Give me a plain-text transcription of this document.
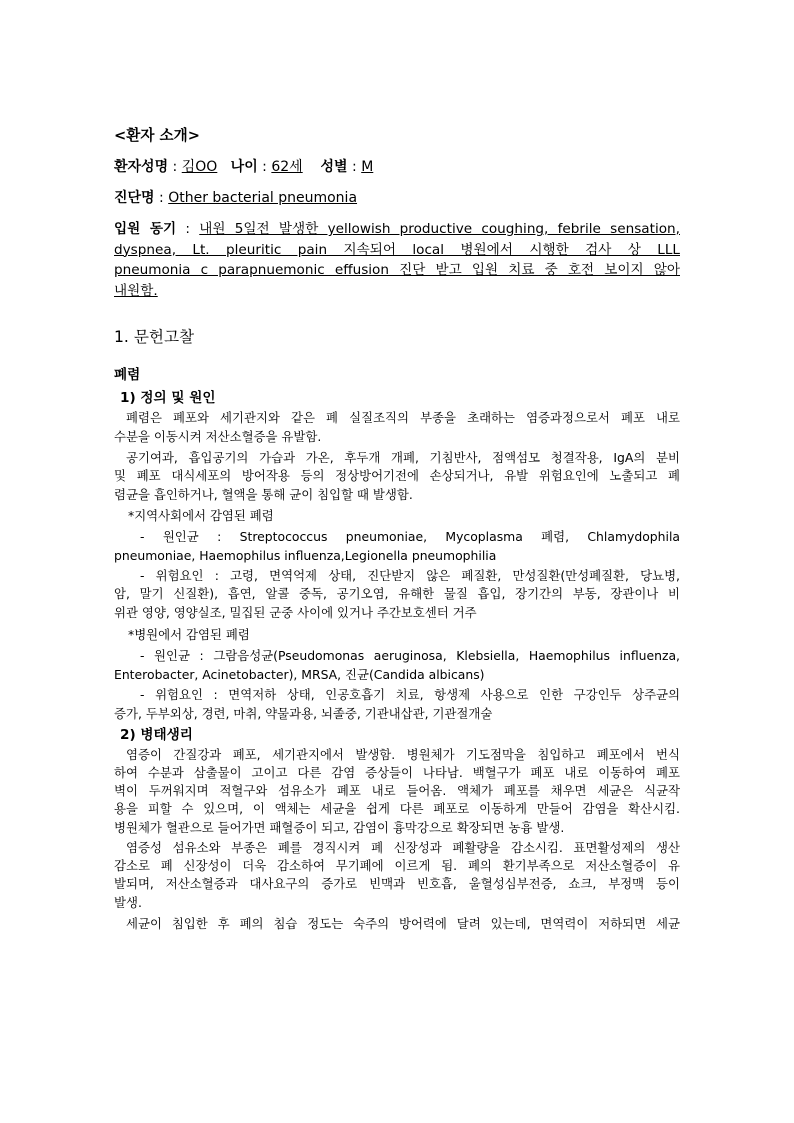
<환자 소개>
환자성명 : 김OO 나이 : 62세 성별 : M
진단명 : Other bacterial pneumonia
입원 동기 : 내원 5일전 발생한 yellowish productive coughing, febrile sensation,
dyspnea, Lt. pleuritic pain 지속되어 local 병원에서 시행한 검사 상 LLL
pneumonia c parapnuemonic effusion 진단 받고 입원 치료 중 호전 보이지 않아
내원함.
1. 문헌고찰
폐렴
1) 정의 및 원인
폐렴은 폐포와 세기관지와 같은 폐 실질조직의 부종을 초래하는 염증과정으로서 폐포 내로
수분을 이동시켜 저산소혈증을 유발함.
공기여과, 흡입공기의 가습과 가온, 후두개 개폐, 기침반사, 점액섬모 청결작용, IgA의 분비
및 폐포 대식세포의 방어작용 등의 정상방어기전에 손상되거나, 유발 위험요인에 노출되고 폐
렴균을 흡인하거나, 혈액을 통해 균이 침입할 때 발생함.
*지역사회에서 감염된 폐렴
- 원인균 : Streptococcus pneumoniae, Mycoplasma 폐렴, Chlamydophila
pneumoniae, Haemophilus influenza,Legionella pneumophilia
- 위험요인 : 고령, 면역억제 상태, 진단받지 않은 폐질환, 만성질환(만성폐질환, 당뇨병,
암, 말기 신질환), 흡연, 알콜 중독, 공기오염, 유해한 물질 흡입, 장기간의 부동, 장관이나 비
위관 영양, 영양실조, 밀집된 군중 사이에 있거나 주간보호센터 거주
*병원에서 감염된 폐렴
- 원인균 : 그람음성균(Pseudomonas aeruginosa, Klebsiella, Haemophilus influenza,
Enterobacter, Acinetobacter), MRSA, 진균(Candida albicans)
- 위험요인 : 면역저하 상태, 인공호흡기 치료, 항생제 사용으로 인한 구강인두 상주균의
증가, 두부외상, 경련, 마취, 약물과용, 뇌졸중, 기관내삽관, 기관절개술
2) 병태생리
염증이 간질강과 폐포, 세기관지에서 발생함. 병원체가 기도점막을 침입하고 폐포에서 번식
하여 수분과 삼출물이 고이고 다른 감염 증상들이 나타남. 백혈구가 폐포 내로 이동하여 폐포
벽이 두꺼워지며 적혈구와 섬유소가 폐포 내로 들어옴. 액체가 폐포를 채우면 세균은 식균작
용을 피할 수 있으며, 이 액체는 세균을 쉽게 다른 폐포로 이동하게 만들어 감염을 확산시킴.
병원체가 혈관으로 들어가면 패혈증이 되고, 감염이 흉막강으로 확장되면 농흉 발생.
염증성 섬유소와 부종은 폐를 경직시켜 폐 신장성과 폐활량을 감소시킴. 표면활성제의 생산
감소로 폐 신장성이 더욱 감소하여 무기폐에 이르게 됨. 폐의 환기부족으로 저산소혈증이 유
발되며, 저산소혈증과 대사요구의 증가로 빈맥과 빈호흡, 울혈성심부전증, 쇼크, 부정맥 등이
발생.
세균이 침입한 후 폐의 침습 정도는 숙주의 방어력에 달려 있는데, 면역력이 저하되면 세균
